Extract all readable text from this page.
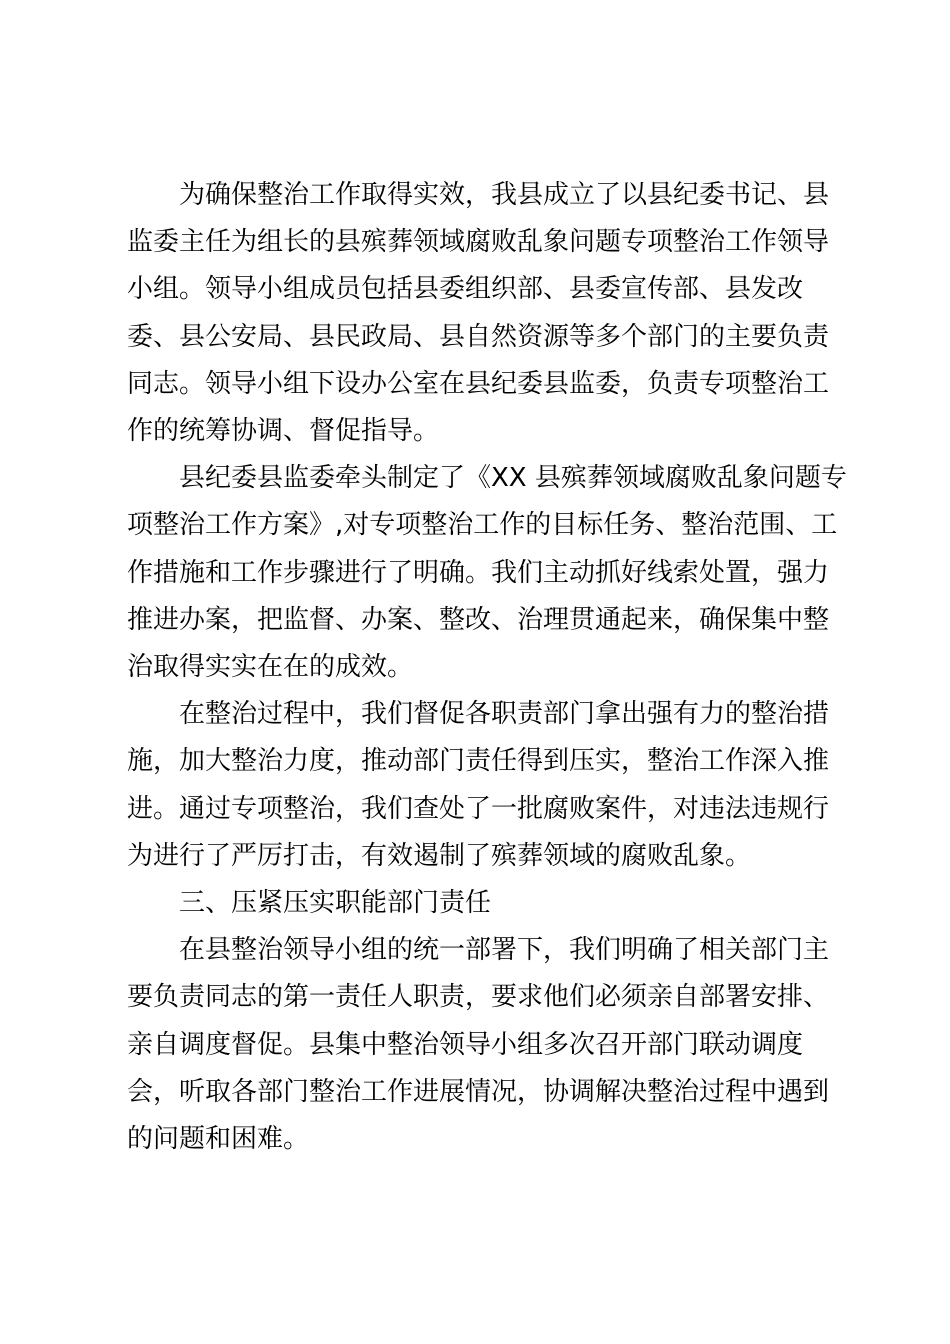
为确保整治工作取得实效，我县成立了以县纪委书记、县
监委主任为组长的县殡葬领域腐败乱象问题专项整治工作领导
小组。领导小组成员包括县委组织部、县委宣传部、县发改
委、县公安局、县民政局、县自然资源等多个部门的主要负责
同志。领导小组下设办公室在县纪委县监委，负责专项整治工
作的统筹协调、督促指导。
县纪委县监委牵头制定了《XX 县殡葬领域腐败乱象问题专
项整治工作方案》,对专项整治工作的目标任务、整治范围、工
作措施和工作步骤进行了明确。我们主动抓好线索处置，强力
推进办案，把监督、办案、整改、治理贯通起来，确保集中整
治取得实实在在的成效。
在整治过程中，我们督促各职责部门拿出强有力的整治措
施，加大整治力度，推动部门责任得到压实，整治工作深入推
进。通过专项整治，我们查处了一批腐败案件，对违法违规行
为进行了严厉打击，有效遏制了殡葬领域的腐败乱象。
三、压紧压实职能部门责任
在县整治领导小组的统一部署下，我们明确了相关部门主
要负责同志的第一责任人职责，要求他们必须亲自部署安排、
亲自调度督促。县集中整治领导小组多次召开部门联动调度
会，听取各部门整治工作进展情况，协调解决整治过程中遇到
的问题和困难。
